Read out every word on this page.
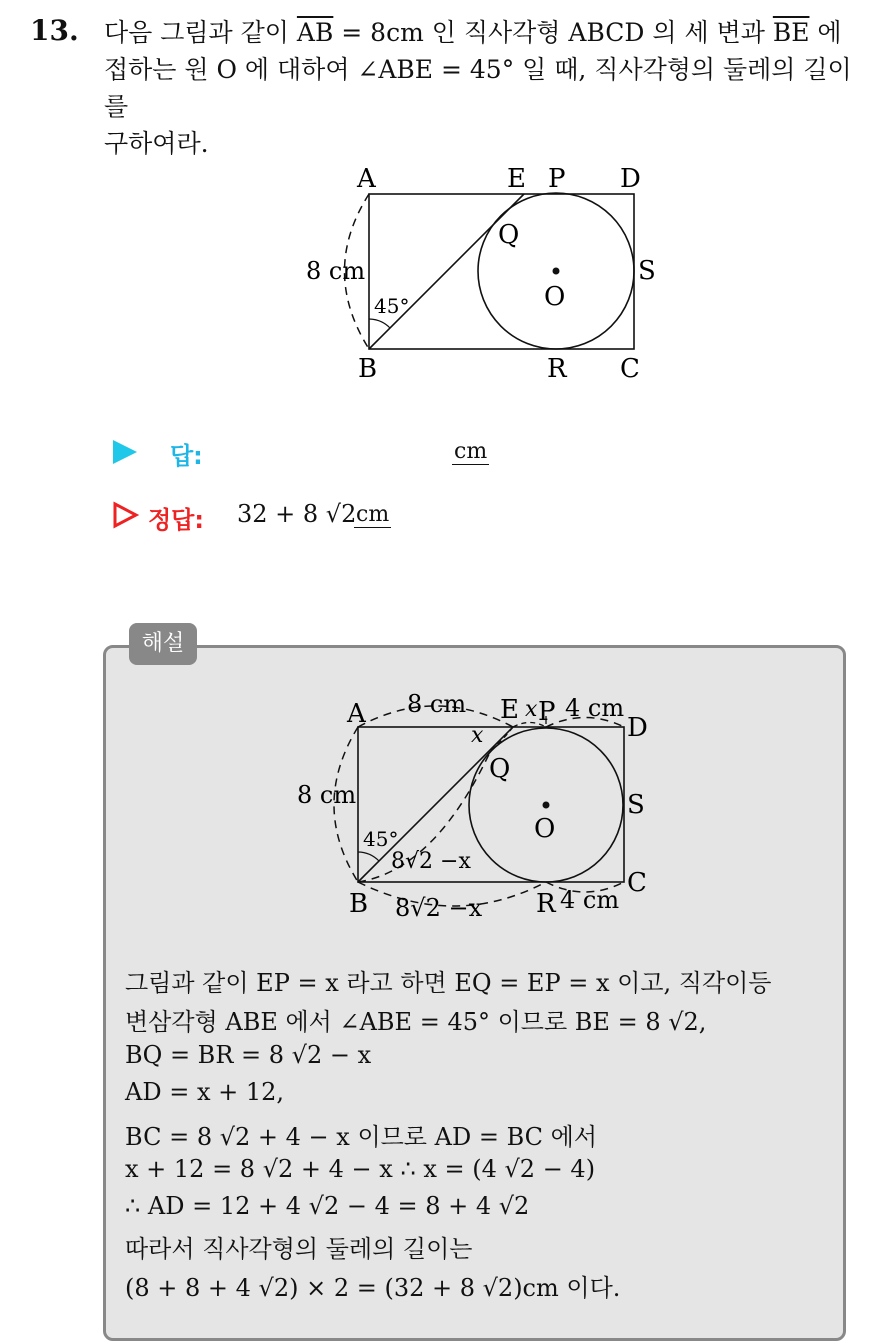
13. 다음 그림과 같이 $\overline{AB} = 8cm$ 인 직사각형 ABCD 의 세 변과 $\overline{BE}$ 에
접하는 원 O 에 대하여 ∠ABE = 45° 일 때, 직사각형의 둘레의 길이를
구하여라.
A	E P D
Q
S
O
8 cm
45°
B	R C
답:	cm
정답: 32 + 8 √2 cm
해설
A 8 cm E x P 4 cm
D
x
Q
8 cm	S
O
45°
8√2 −x
C
B 8√2 −x R 4 cm
그림과 같이 EP = x 라고 하면 EQ = EP = x 이고, 직각이등
변삼각형 ABE 에서 ∠ABE = 45° 이므로 BE = 8 √2,
BQ = BR = 8 √2 − x
AD = x + 12,
BC = 8 √2 + 4 − x 이므로 AD = BC 에서
x + 12 = 8 √2 + 4 − x ∴ x = (4 √2 − 4)
∴ AD = 12 + 4 √2 − 4 = 8 + 4 √2
따라서 직사각형의 둘레의 길이는
(8 + 8 + 4 √2) × 2 = (32 + 8 √2)cm 이다.
